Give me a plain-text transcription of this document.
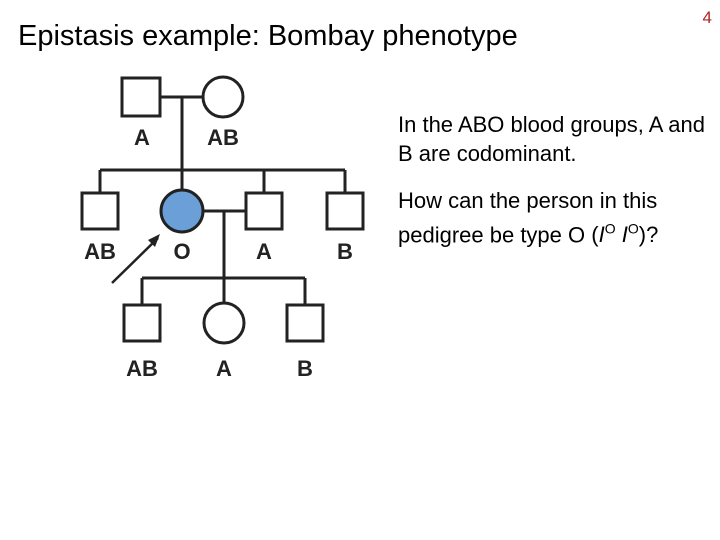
Epistasis example: Bombay phenotype
4
A	AB
AB	O	A	B
AB	A	B

In the ABO blood groups, A and B are codominant.

How can the person in this pedigree be type O ($I^O$ $I^O$)?
